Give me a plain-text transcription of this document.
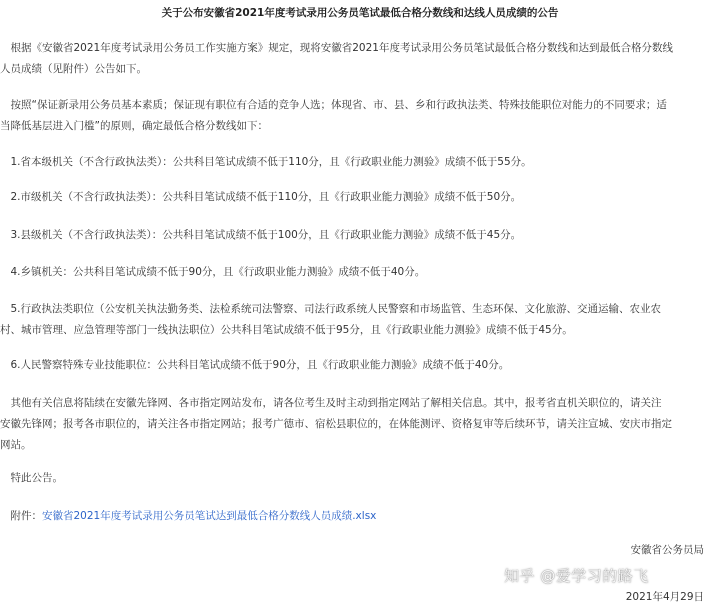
关于公布安徽省2021年度考试录用公务员笔试最低合格分数线和达线人员成绩的公告
　根据《安徽省2021年度考试录用公务员工作实施方案》规定，现将安徽省2021年度考试录用公务员笔试最低合格分数线和达到最低合格分数线
人员成绩（见附件）公告如下。
　按照“保证新录用公务员基本素质；保证现有职位有合适的竞争人选；体现省、市、县、乡和行政执法类、特殊技能职位对能力的不同要求；适
当降低基层进入门槛”的原则，确定最低合格分数线如下：
　1.省本级机关（不含行政执法类）：公共科目笔试成绩不低于110分，且《行政职业能力测验》成绩不低于55分。
　2.市级机关（不含行政执法类）：公共科目笔试成绩不低于110分，且《行政职业能力测验》成绩不低于50分。
　3.县级机关（不含行政执法类）：公共科目笔试成绩不低于100分，且《行政职业能力测验》成绩不低于45分。
　4.乡镇机关：公共科目笔试成绩不低于90分，且《行政职业能力测验》成绩不低于40分。
　5.行政执法类职位（公安机关执法勤务类、法检系统司法警察、司法行政系统人民警察和市场监管、生态环保、文化旅游、交通运输、农业农
村、城市管理、应急管理等部门一线执法职位）公共科目笔试成绩不低于95分，且《行政职业能力测验》成绩不低于45分。
　6.人民警察特殊专业技能职位：公共科目笔试成绩不低于90分，且《行政职业能力测验》成绩不低于40分。
　其他有关信息将陆续在安徽先锋网、各市指定网站发布，请各位考生及时主动到指定网站了解相关信息。其中，报考省直机关职位的，请关注
安徽先锋网；报考各市职位的，请关注各市指定网站；报考广德市、宿松县职位的，在体能测评、资格复审等后续环节，请关注宣城、安庆市指定
网站。
　特此公告。
　附件：安徽省2021年度考试录用公务员笔试达到最低合格分数线人员成绩.xlsx
安徽省公务员局
知乎 @爱学习的路飞
2021年4月29日
